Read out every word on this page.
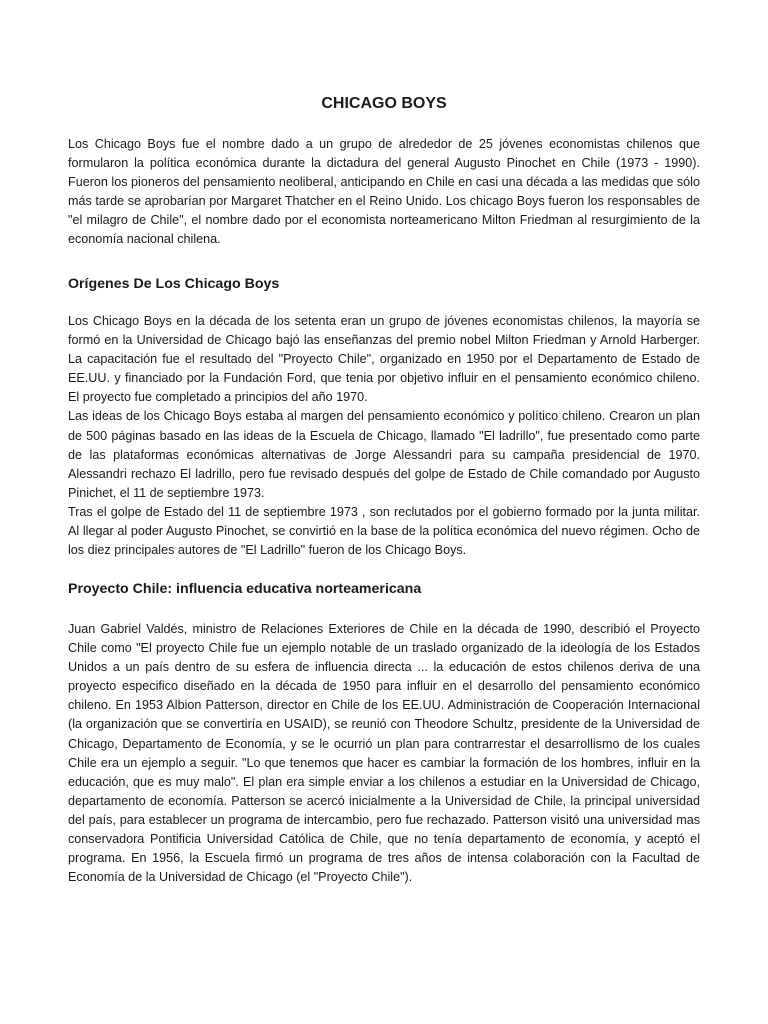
CHICAGO BOYS

Los Chicago Boys fue el nombre dado a un grupo de alrededor de 25 jóvenes economistas chilenos que formularon la política económica durante la dictadura del general Augusto Pinochet en Chile (1973 - 1990). Fueron los pioneros del pensamiento neoliberal, anticipando en Chile en casi una década a las medidas que sólo más tarde se aprobarían por Margaret Thatcher en el Reino Unido. Los chicago Boys fueron los responsables de "el milagro de Chile", el nombre dado por el economista norteamericano Milton Friedman al resurgimiento de la economía nacional chilena.

Orígenes De Los Chicago Boys
Los Chicago Boys en la década de los setenta eran un grupo de jóvenes economistas chilenos, la mayoría se formó en la Universidad de Chicago bajó las enseñanzas del premio nobel Milton Friedman y Arnold Harberger. La capacitación fue el resultado del "Proyecto Chile", organizado en 1950 por el Departamento de Estado de EE.UU. y financiado por la Fundación Ford, que tenia por objetivo influir en el pensamiento económico chileno. El proyecto fue completado a principios del año 1970.
Las ideas de los Chicago Boys estaba al margen del pensamiento económico y político chileno. Crearon un plan de 500 páginas basado en las ideas de la Escuela de Chicago, llamado "El ladrillo", fue presentado como parte de las plataformas económicas alternativas de Jorge Alessandri para su campaña presidencial de 1970. Alessandri rechazo El ladrillo, pero fue revisado después del golpe de Estado de Chile comandado por Augusto Pinichet, el 11 de septiembre 1973.
Tras el golpe de Estado del 11 de septiembre 1973 , son reclutados por el gobierno formado por la junta militar. Al llegar al poder Augusto Pinochet, se convirtió en la base de la política económica del nuevo régimen. Ocho de los diez principales autores de "El Ladrillo" fueron de los Chicago Boys.
Proyecto Chile: influencia educativa norteamericana
Juan Gabriel Valdés, ministro de Relaciones Exteriores de Chile en la década de 1990, describió el Proyecto Chile como "El proyecto Chile fue un ejemplo notable de un traslado organizado de la ideología de los Estados Unidos a un país dentro de su esfera de influencia directa ... la educación de estos chilenos deriva de una proyecto especifico diseñado en la década de 1950 para influir en el desarrollo del pensamiento económico chileno. En 1953 Albion Patterson, director en Chile de los EE.UU. Administración de Cooperación Internacional (la organización que se convertiría en USAID), se reunió con Theodore Schultz, presidente de la Universidad de Chicago, Departamento de Economía, y se le ocurrió un plan para contrarrestar el desarrollismo de los cuales Chile era un ejemplo a seguir. "Lo que tenemos que hacer es cambiar la formación de los hombres, influir en la educación, que es muy malo". El plan era simple enviar a los chilenos a estudiar en la Universidad de Chicago, departamento de economía. Patterson se acercó inicialmente a la Universidad de Chile, la principal universidad del país, para establecer un programa de intercambio, pero fue rechazado. Patterson visitó una universidad mas conservadora Pontificia Universidad Católica de Chile, que no tenía departamento de economía, y aceptó el programa. En 1956, la Escuela firmó un programa de tres años de intensa colaboración con la Facultad de Economía de la Universidad de Chicago (el "Proyecto Chile").
